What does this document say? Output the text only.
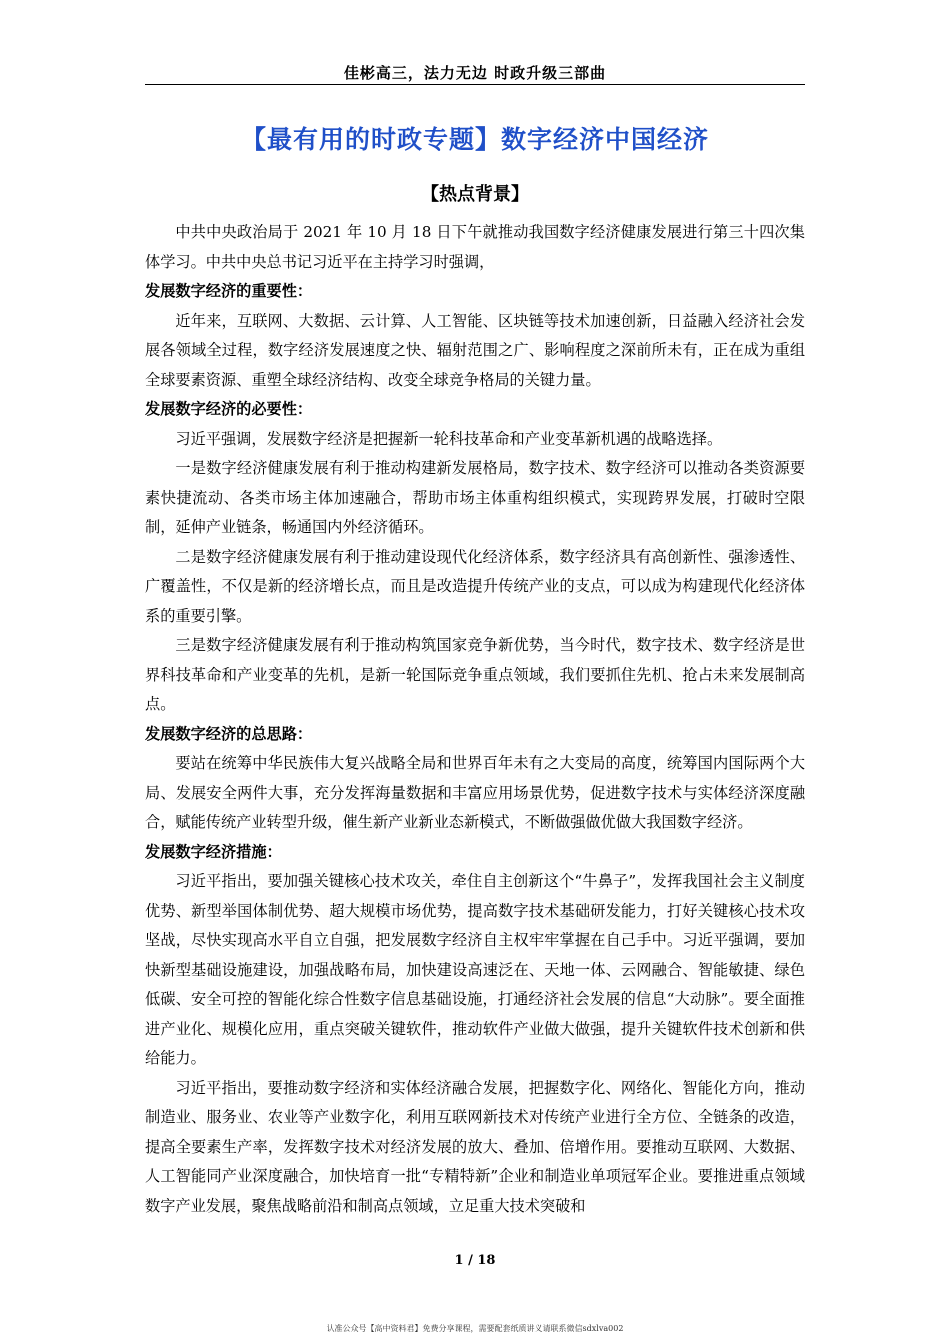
佳彬高三，法力无边 时政升级三部曲
【最有用的时政专题】数字经济中国经济
【热点背景】

中共中央政治局于 2021 年 10 月 18 日下午就推动我国数字经济健康发展进行第三十四次集体学习。中共中央总书记习近平在主持学习时强调，

发展数字经济的重要性：

近年来，互联网、大数据、云计算、人工智能、区块链等技术加速创新，日益融入经济社会发展各领域全过程，数字经济发展速度之快、辐射范围之广、影响程度之深前所未有，正在成为重组全球要素资源、重塑全球经济结构、改变全球竞争格局的关键力量。

发展数字经济的必要性：

习近平强调，发展数字经济是把握新一轮科技革命和产业变革新机遇的战略选择。

一是数字经济健康发展有利于推动构建新发展格局，数字技术、数字经济可以推动各类资源要素快捷流动、各类市场主体加速融合，帮助市场主体重构组织模式，实现跨界发展，打破时空限制，延伸产业链条，畅通国内外经济循环。

二是数字经济健康发展有利于推动建设现代化经济体系，数字经济具有高创新性、强渗透性、广覆盖性，不仅是新的经济增长点，而且是改造提升传统产业的支点，可以成为构建现代化经济体系的重要引擎。

三是数字经济健康发展有利于推动构筑国家竞争新优势，当今时代，数字技术、数字经济是世界科技革命和产业变革的先机，是新一轮国际竞争重点领域，我们要抓住先机、抢占未来发展制高点。

发展数字经济的总思路：

要站在统筹中华民族伟大复兴战略全局和世界百年未有之大变局的高度，统筹国内国际两个大局、发展安全两件大事，充分发挥海量数据和丰富应用场景优势，促进数字技术与实体经济深度融合，赋能传统产业转型升级，催生新产业新业态新模式，不断做强做优做大我国数字经济。

发展数字经济措施：

习近平指出，要加强关键核心技术攻关，牵住自主创新这个“牛鼻子”，发挥我国社会主义制度优势、新型举国体制优势、超大规模市场优势，提高数字技术基础研发能力，打好关键核心技术攻坚战，尽快实现高水平自立自强，把发展数字经济自主权牢牢掌握在自己手中。习近平强调，要加快新型基础设施建设，加强战略布局，加快建设高速泛在、天地一体、云网融合、智能敏捷、绿色低碳、安全可控的智能化综合性数字信息基础设施，打通经济社会发展的信息“大动脉”。要全面推进产业化、规模化应用，重点突破关键软件，推动软件产业做大做强，提升关键软件技术创新和供给能力。

习近平指出，要推动数字经济和实体经济融合发展，把握数字化、网络化、智能化方向，推动制造业、服务业、农业等产业数字化，利用互联网新技术对传统产业进行全方位、全链条的改造，提高全要素生产率，发挥数字技术对经济发展的放大、叠加、倍增作用。要推动互联网、大数据、人工智能同产业深度融合，加快培育一批“专精特新”企业和制造业单项冠军企业。要推进重点领域数字产业发展，聚焦战略前沿和制高点领域，立足重大技术突破和

1 / 18
认准公众号【高中资料君】免费分享课程，需要配套纸质讲义请联系微信sdxlva002
